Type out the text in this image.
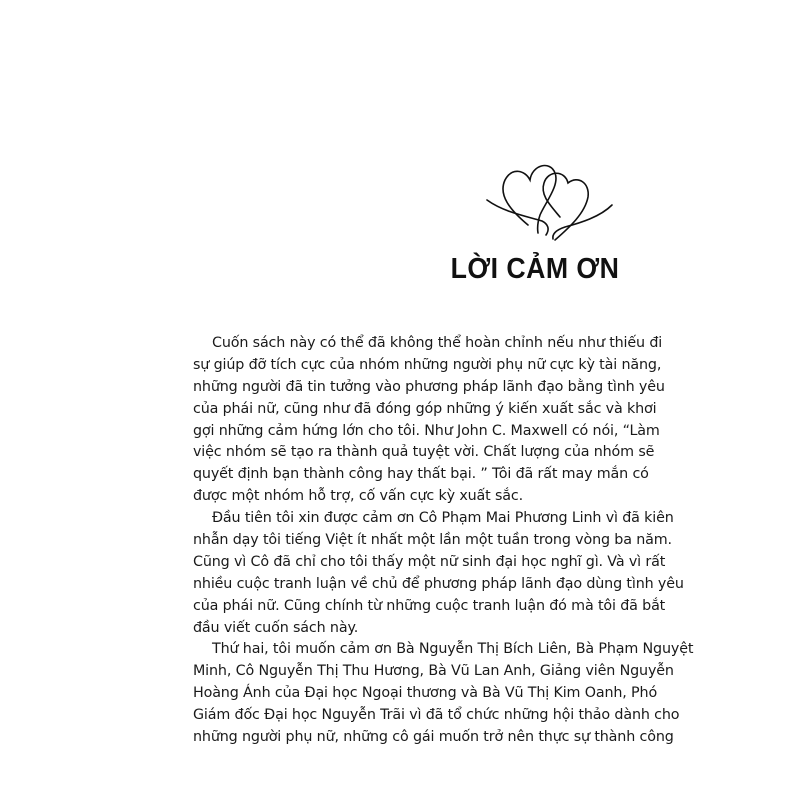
LỜI CẢM ƠN
Cuốn sách này có thể đã không thể hoàn chỉnh nếu như thiếu đi
sự giúp đỡ tích cực của nhóm những người phụ nữ cực kỳ tài năng,
những người đã tin tưởng vào phương pháp lãnh đạo bằng tình yêu
của phái nữ, cũng như đã đóng góp những ý kiến xuất sắc và khơi
gợi những cảm hứng lớn cho tôi. Như John C. Maxwell có nói, “Làm
việc nhóm sẽ tạo ra thành quả tuyệt vời. Chất lượng của nhóm sẽ
quyết định bạn thành công hay thất bại. ” Tôi đã rất may mắn có
được một nhóm hỗ trợ, cố vấn cực kỳ xuất sắc.
Đầu tiên tôi xin được cảm ơn Cô Phạm Mai Phương Linh vì đã kiên
nhẫn dạy tôi tiếng Việt ít nhất một lần một tuần trong vòng ba năm.
Cũng vì Cô đã chỉ cho tôi thấy một nữ sinh đại học nghĩ gì. Và vì rất
nhiều cuộc tranh luận về chủ để phương pháp lãnh đạo dùng tình yêu
của phái nữ. Cũng chính từ những cuộc tranh luận đó mà tôi đã bắt
đầu viết cuốn sách này.
Thứ hai, tôi muốn cảm ơn Bà Nguyễn Thị Bích Liên, Bà Phạm Nguyệt
Minh, Cô Nguyễn Thị Thu Hương, Bà Vũ Lan Anh, Giảng viên Nguyễn
Hoàng Ánh của Đại học Ngoại thương và Bà Vũ Thị Kim Oanh, Phó
Giám đốc Đại học Nguyễn Trãi vì đã tổ chức những hội thảo dành cho
những người phụ nữ, những cô gái muốn trở nên thực sự thành công
